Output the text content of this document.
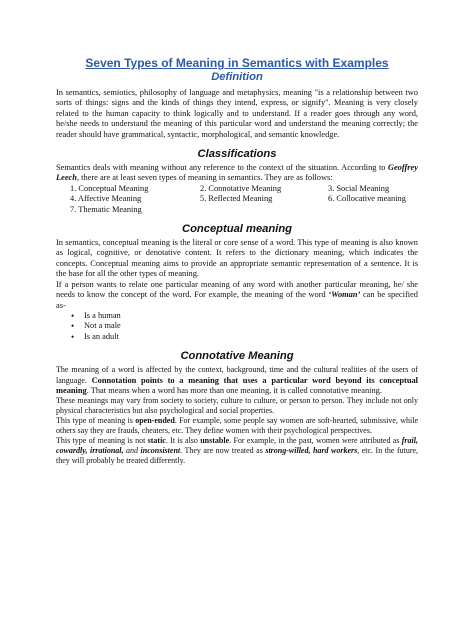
Seven Types of Meaning in Semantics with Examples

Definition

In semantics, semiotics, philosophy of language and metaphysics, meaning "is a relationship between two sorts of things: signs and the kinds of things they intend, express, or signify". Meaning is very closely related to the human capacity to think logically and to understand. If a reader goes through any word, he/she needs to understand the meaning of this particular word and understand the meaning correctly; the reader should have grammatical, syntactic, morphological, and semantic knowledge.

Classifications

Semantics deals with meaning without any reference to the context of the situation. According to Geoffrey Leech, there are at least seven types of meaning in semantics. They are as follows:

1. Conceptual Meaning	2. Connotative Meaning	3. Social Meaning
4. Affective Meaning	5. Reflected Meaning	6. Collocative meaning
7. Thematic Meaning
Conceptual meaning

In semantics, conceptual meaning is the literal or core sense of a word. This type of meaning is also known as logical, cognitive, or denotative content. It refers to the dictionary meaning, which indicates the concepts. Conceptual meaning aims to provide an appropriate semantic representation of a sentence. It is the base for all the other types of meaning.

If a person wants to relate one particular meaning of any word with another particular meaning, he/ she needs to know the concept of the word. For example, the meaning of the word ‘Woman’ can be specified as-

• Is a human
• Not a male
• Is an adult
Connotative Meaning

The meaning of a word is affected by the context, background, time and the cultural realities of the users of language. Connotation points to a meaning that uses a particular word beyond its conceptual meaning. That means when a word has more than one meaning, it is called connotative meaning.

These meanings may vary from society to society, culture to culture, or person to person. They include not only physical characteristics but also psychological and social properties.

This type of meaning is open-ended. For example, some people say women are soft-hearted, submissive, while others say they are frauds, cheaters, etc. They define women with their psychological perspectives.

This type of meaning is not static. It is also unstable. For example, in the past, women were attributed as frail, cowardly, irrational, and inconsistent. They are now treated as strong-willed, hard workers, etc. In the future, they will probably be treated differently.
